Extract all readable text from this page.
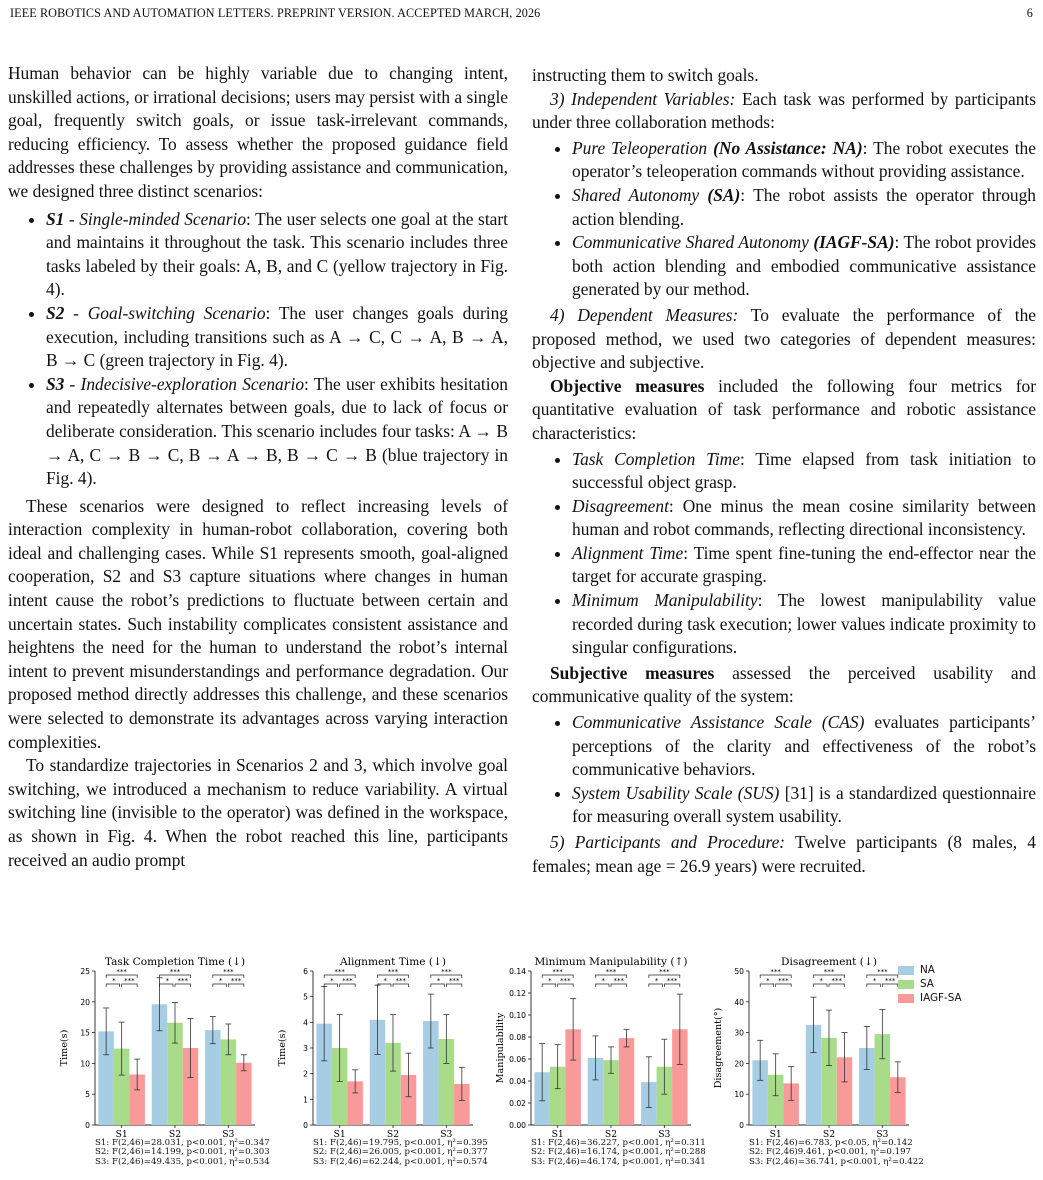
IEEE ROBOTICS AND AUTOMATION LETTERS. PREPRINT VERSION. ACCEPTED MARCH, 2026	6

Human behavior can be highly variable due to changing intent, unskilled actions, or irrational decisions; users may persist with a single goal, frequently switch goals, or issue task-irrelevant commands, reducing efficiency. To assess whether the proposed guidance field addresses these challenges by providing assistance and communication, we designed three distinct scenarios:

• S1 - Single-minded Scenario: The user selects one goal at the start and maintains it throughout the task. This scenario includes three tasks labeled by their goals: A, B, and C (yellow trajectory in Fig. 4).
• S2 - Goal-switching Scenario: The user changes goals during execution, including transitions such as A → C, C → A, B → A, B → C (green trajectory in Fig. 4).
• S3 - Indecisive-exploration Scenario: The user exhibits hesitation and repeatedly alternates between goals, due to lack of focus or deliberate consideration. This scenario includes four tasks: A → B → A, C → B → C, B → A → B, B → C → B (blue trajectory in Fig. 4).

These scenarios were designed to reflect increasing levels of interaction complexity in human-robot collaboration, covering both ideal and challenging cases. While S1 represents smooth, goal-aligned cooperation, S2 and S3 capture situations where changes in human intent cause the robot’s predictions to fluctuate between certain and uncertain states. Such instability complicates consistent assistance and heightens the need for the human to understand the robot’s internal intent to prevent misunderstandings and performance degradation. Our proposed method directly addresses this challenge, and these scenarios were selected to demonstrate its advantages across varying interaction complexities.

To standardize trajectories in Scenarios 2 and 3, which involve goal switching, we introduced a mechanism to reduce variability. A virtual switching line (invisible to the operator) was defined in the workspace, as shown in Fig. 4. When the robot reached this line, participants received an audio prompt

instructing them to switch goals.

3) Independent Variables: Each task was performed by participants under three collaboration methods:

• Pure Teleoperation (No Assistance: NA): The robot executes the operator’s teleoperation commands without providing assistance.
• Shared Autonomy (SA): The robot assists the operator through action blending.
• Communicative Shared Autonomy (IAGF-SA): The robot provides both action blending and embodied communicative assistance generated by our method.

4) Dependent Measures: To evaluate the performance of the proposed method, we used two categories of dependent measures: objective and subjective.

Objective measures included the following four metrics for quantitative evaluation of task performance and robotic assistance characteristics:

• Task Completion Time: Time elapsed from task initiation to successful object grasp.
• Disagreement: One minus the mean cosine similarity between human and robot commands, reflecting directional inconsistency.
• Alignment Time: Time spent fine-tuning the end-effector near the target for accurate grasping.
• Minimum Manipulability: The lowest manipulability value recorded during task execution; lower values indicate proximity to singular configurations.

Subjective measures assessed the perceived usability and communicative quality of the system:

• Communicative Assistance Scale (CAS) evaluates participants’ perceptions of the clarity and effectiveness of the robot’s communicative behaviors.
• System Usability Scale (SUS) [31] is a standardized questionnaire for measuring overall system usability.

5) Participants and Procedure: Twelve participants (8 males, 4 females; mean age = 26.9 years) were recruited.

Task Completion Time (↓)
0
5
10
15
20
25
Time(s)
***
***
*
S1
***
***
*
S2
***
***
*
S3
S1: F(2,46)=28.031, p<0.001, η²=0.347
S2: F(2,46)=14.199, p<0.001, η²=0.303
S3: F(2,46)=49.435, p<0.001, η²=0.534
Alignment Time (↓)
0
1
2
3
4
5
6
Time(s)
***
***
*
S1
***
***
*
S2
***
***
*
S3
S1: F(2,46)=19.795, p<0.001, η²=0.395
S2: F(2,46)=26.005, p<0.001, η²=0.377
S3: F(2,46)=62.244, p<0.001, η²=0.574
Minimum Manipulability (↑)
0.00
0.02
0.04
0.06
0.08
0.10
0.12
0.14
Manipulability
***
***
*
S1
***
***
*
S2
***
***
*
S3
S1: F(2,46)=36.227, p<0.001, η²=0.311
S2: F(2,46)=16.174, p<0.001, η²=0.288
S3: F(2,46)=46.174, p<0.001, η²=0.341
Disagreement (↓)
0
10
20
30
40
50
Disagreement(°)
***
***
*
S1
***
***
*
S2
***
***
*
S3
S1: F(2,46)=6.783, p<0.05, η²=0.142
S2: F(2,46)9.461, p<0.001, η²=0.197
S3: F(2,46)=36.741, p<0.001, η²=0.422
NA
SA
IAGF-SA
